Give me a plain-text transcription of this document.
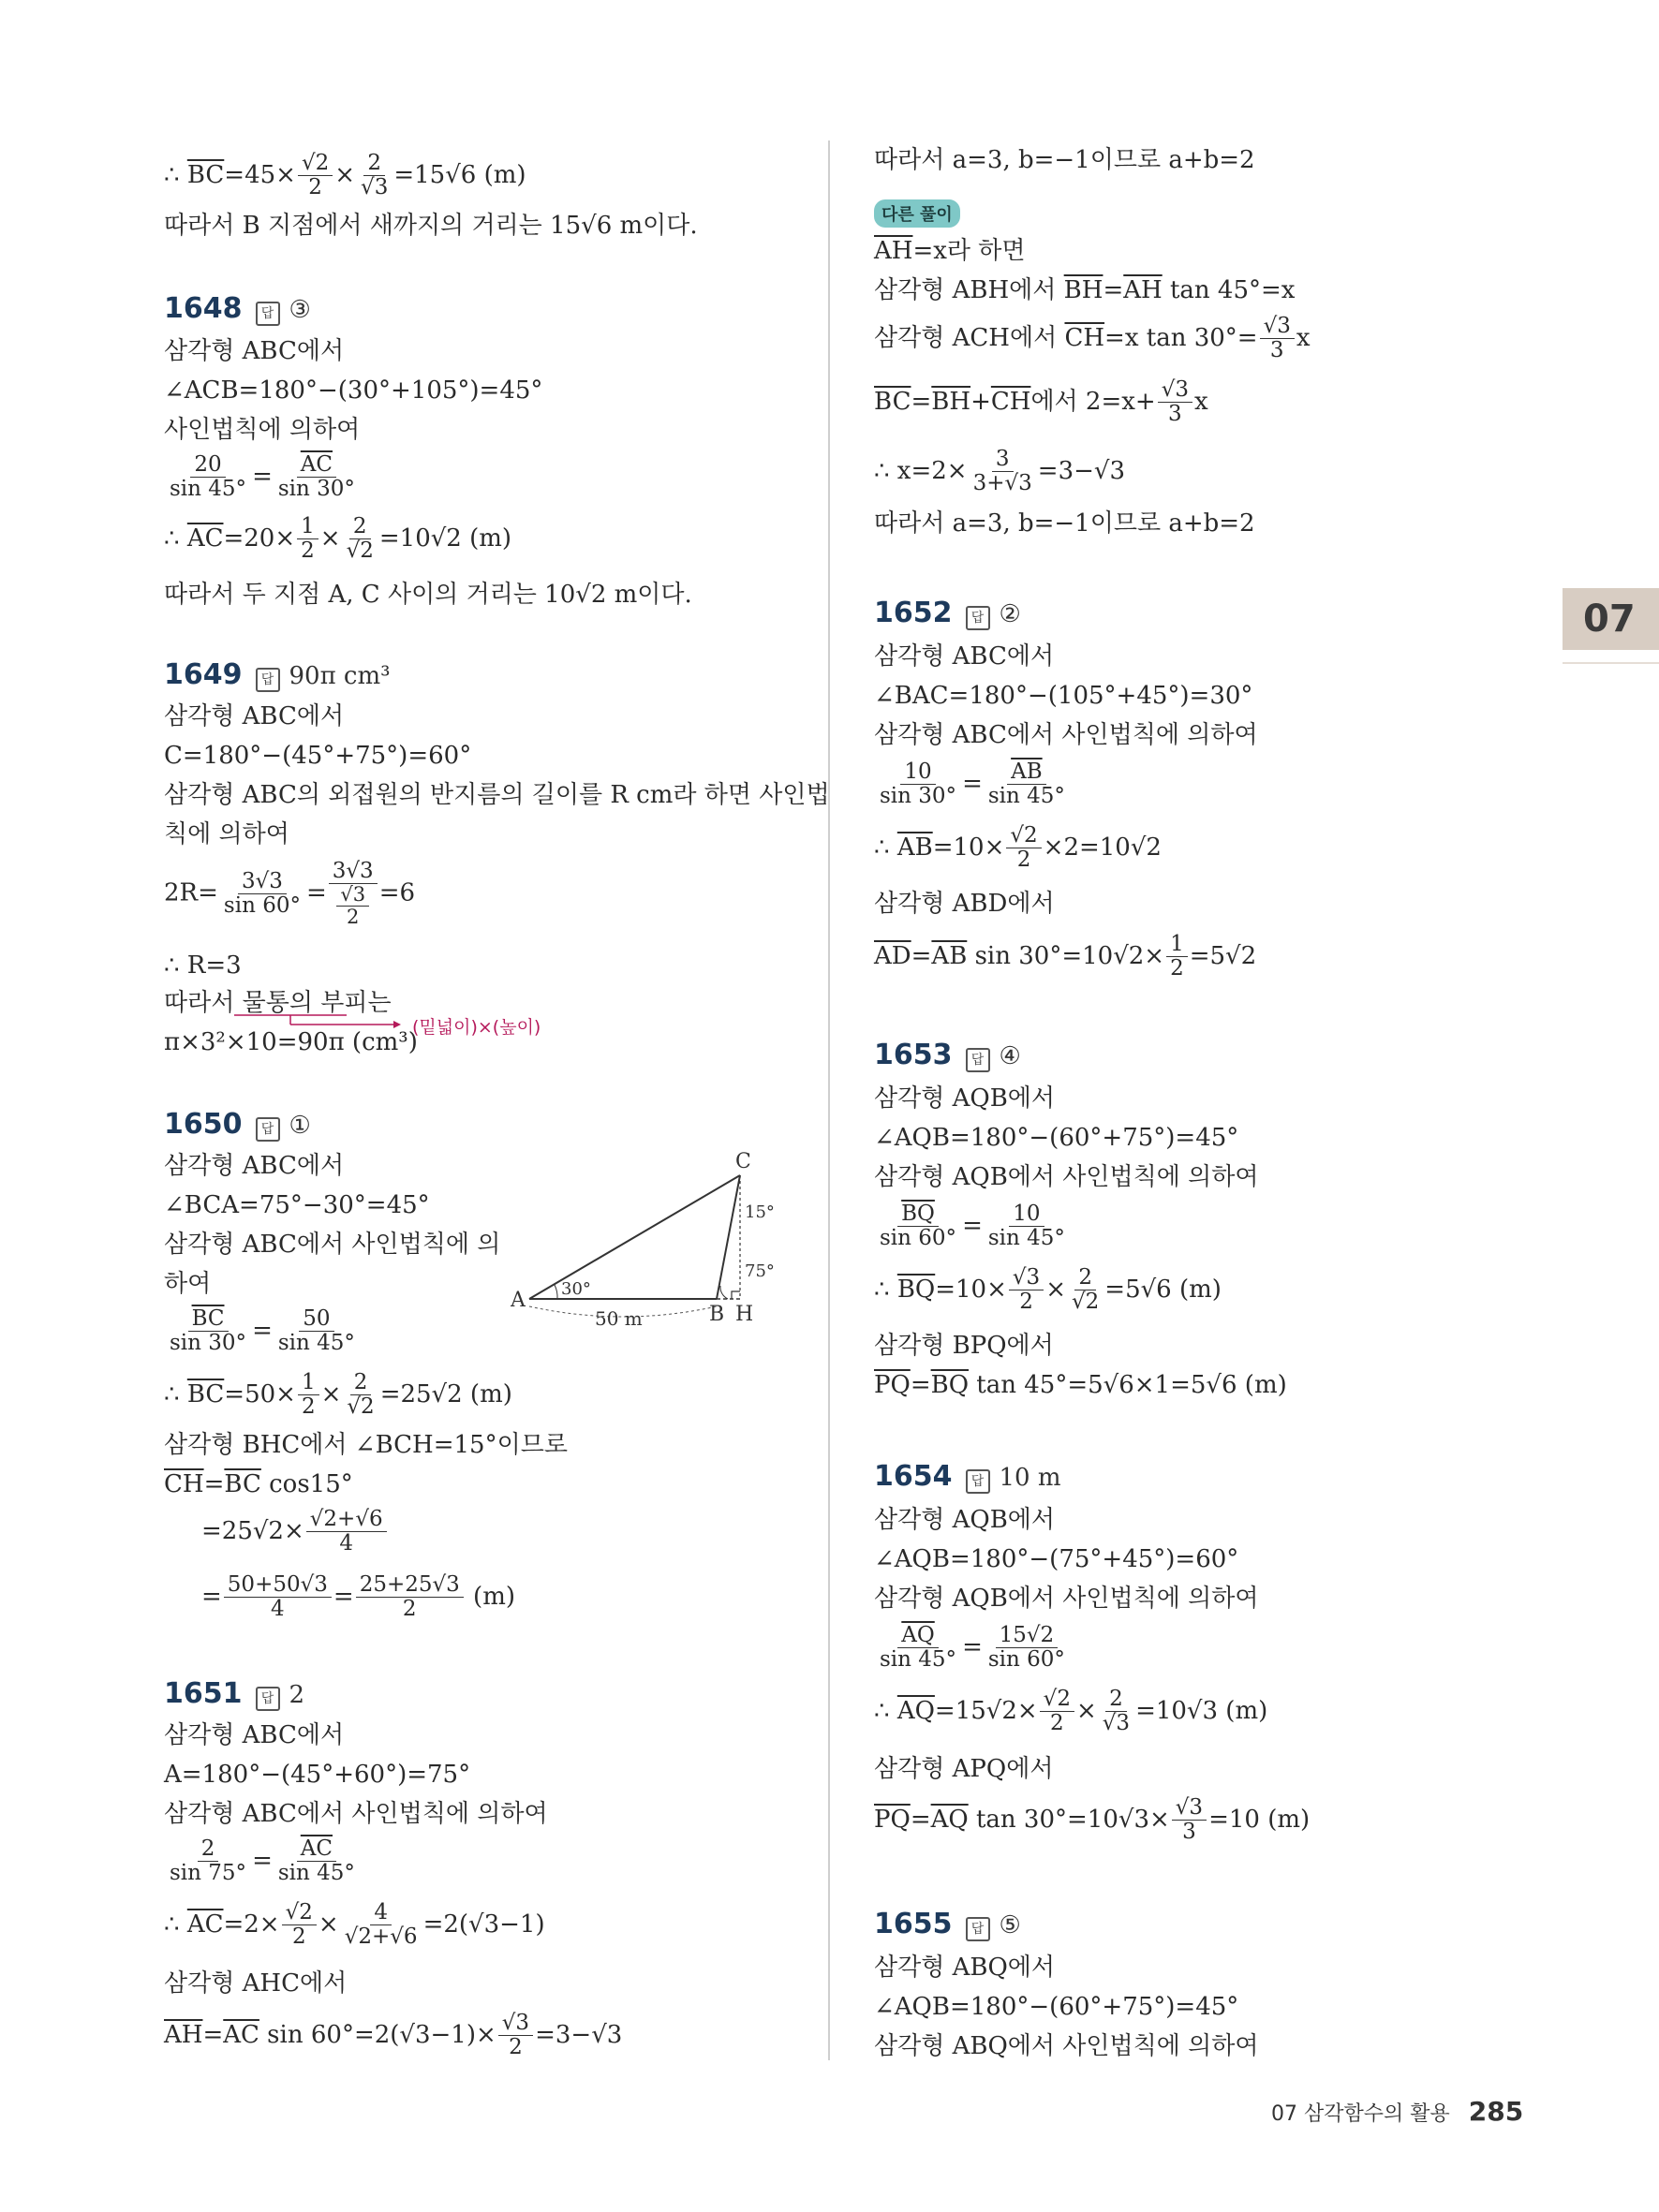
∴ $\overline{BC}=45\times \frac{√2}{2} \times \frac{2}{√3} =15√6$ (m)
따라서 B 지점에서 새까지의 거리는 15√6 m이다.
1648 답 ③
삼각형 ABC에서
∠ACB=180°−(30°+105°)=45°
사인법칙에 의하여
$\frac{20}{\sin 45^\circ} = \frac{\overline{AC}}{\sin 30^\circ}$
∴ $\overline{AC}=20\times \frac{1}{2} \times \frac{2}{√2} =10√2$ (m)
따라서 두 지점 A, C 사이의 거리는 10√2 m이다.
1649 답 90π cm³
삼각형 ABC에서
C=180°−(45°+75°)=60°
삼각형 ABC의 외접원의 반지름의 길이를 R cm라 하면 사인법
칙에 의하여
$2R= \frac{3√3}{\sin 60^\circ} = \frac{3√3}{\frac{√3}{2}} =6$
∴ R=3
따라서 물통의 부피는
(밑넓이)×(높이)
π×3²×10=90π (cm³)
1650 답 ①
삼각형 ABC에서
∠BCA=75°−30°=45°
삼각형 ABC에서 사인법칙에 의
하여
$\frac{\overline{BC}}{\sin 30^\circ} = \frac{50}{\sin 45^\circ}$
∴ $\overline{BC}=50\times \frac{1}{2} \times \frac{2}{√2} =25√2$ (m)
삼각형 BHC에서 ∠BCH=15°이므로
$\overline{CH}=\overline{BC}$ cos15°
$=25√2\times \frac{√2+√6}{4}$
= $\frac{50+50√3}{4} = \frac{25+25√3}{2} (m)$
A
C
B H
30°
15°
75°
50 m
1651 답 2
삼각형 ABC에서
A=180°−(45°+60°)=75°
삼각형 ABC에서 사인법칙에 의하여
$\frac{2}{\sin 75^\circ} = \frac{\overline{AC}}{\sin 45^\circ}$
∴ $\overline{AC}=2\times \frac{√2}{2} \times \frac{4}{√2+√6} =2(√3-1)$
삼각형 AHC에서
$\overline{AH}=\overline{AC}$ $\sin 60^\circ=2(√3-1)\times \frac{√3}{2} =3-√3$
따라서 a=3, b=−1이므로 a+b=2
다른 풀이
$\overline{AH}=x$라 하면
삼각형 ABH에서 $\overline{BH}=\overline{AH}$ tan 45°=x
삼각형 ACH에서 $\overline{CH}=x$ $\tan 30^\circ= \frac{√3}{3}$ x
$\overline{BC}=\overline{BH}+\overline{CH}$에서 $2=x+ \frac{√3}{3}$ x
∴ $x=2\times \frac{3}{3+√3} =3-√3$
따라서 a=3, b=−1이므로 a+b=2
1652 답 ②
삼각형 ABC에서
∠BAC=180°−(105°+45°)=30°
삼각형 ABC에서 사인법칙에 의하여
$\frac{10}{\sin 30^\circ} = \frac{\overline{AB}}{\sin 45^\circ}$
∴ $\overline{AB}=10\times \frac{√2}{2} \times 2=10√2$
삼각형 ABD에서
$\overline{AD}=\overline{AB}$ $\sin 30^\circ=10√2\times \frac{1}{2} =5√2$
1653 답 ④
삼각형 AQB에서
∠AQB=180°−(60°+75°)=45°
삼각형 AQB에서 사인법칙에 의하여
$\frac{\overline{BQ}}{\sin 60^\circ} = \frac{10}{\sin 45^\circ}$
∴ $\overline{BQ}=10\times \frac{√3}{2} \times \frac{2}{√2} =5√6$ (m)
삼각형 BPQ에서
$\overline{PQ}=\overline{BQ}$ tan 45°=5√6×1=5√6 (m)
1654 답 10 m
삼각형 AQB에서
∠AQB=180°−(75°+45°)=60°
삼각형 AQB에서 사인법칙에 의하여
$\frac{\overline{AQ}}{\sin 45^\circ} = \frac{15√2}{\sin 60^\circ}$
∴ $\overline{AQ}=15√2\times \frac{√2}{2} \times \frac{2}{√3} =10√3$ (m)
삼각형 APQ에서
$\overline{PQ}=\overline{AQ}$ $\tan 30^\circ=10√3\times \frac{√3}{3} =10$ (m)
1655 답 ⑤
삼각형 ABQ에서
∠AQB=180°−(60°+75°)=45°
삼각형 ABQ에서 사인법칙에 의하여
07
07 삼각함수의 활용 285
